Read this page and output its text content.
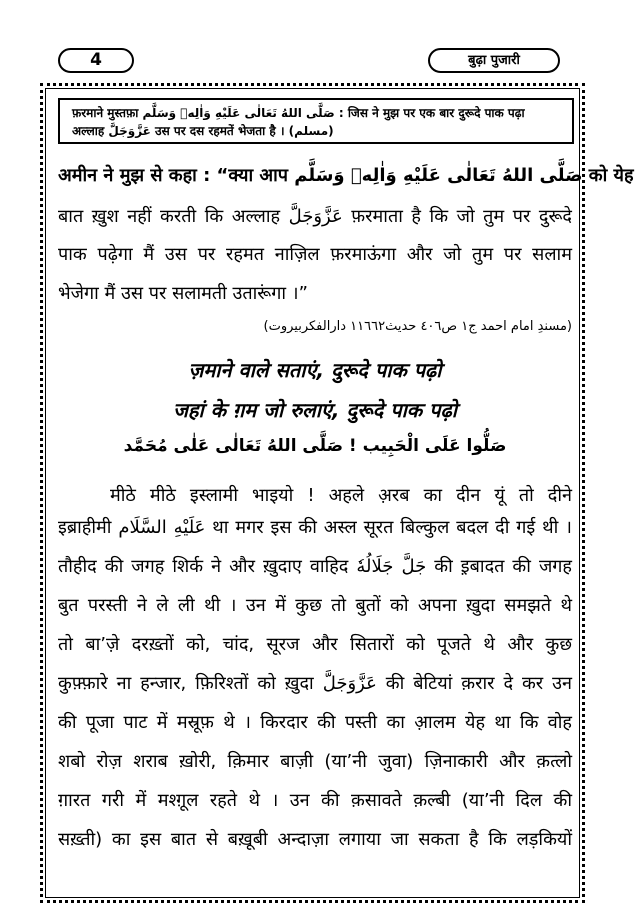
4	बुढ़ा पुजारी
फ़रमाने मुस्तफ़ा صَلَّى اللهُ تَعَالٰى عَلَيْهِ وَاٰلِهٖ وَسَلَّم : जिस ने मुझ पर एक बार दुरूदे पाक पढ़ा
अल्लाह عَزَّوَجَلَّ उस पर दस रहमतें भेजता है । (مسلم)
अमीन ने मुझ से कहा : “क्या आप صَلَّى اللهُ تَعَالٰى عَلَيْهِ وَاٰلِهٖ وَسَلَّم को येह
बात ख़ुश नहीं करती कि अल्लाह عَزَّوَجَلَّ फ़रमाता है कि जो तुम पर दुरूदे
पाक पढ़ेगा मैं उस पर रहमत नाज़िल फ़रमाऊंगा और जो तुम पर सलाम
भेजेगा मैं उस पर सलामती उतारूंगा ।”
(مسندِ امام احمد ج١ ص٤٠٦ حديث١١٦٦٢ دارالفكربيروت)
ज़माने वाले सताएं, दुरूदे पाक पढ़ो
जहां के ग़म जो रुलाएं, दुरूदे पाक पढ़ो
صَلُّوا عَلَى الْحَبِيب ! صَلَّى اللهُ تَعَالٰى عَلٰى مُحَمَّد
मीठे मीठे इस्लामी भाइयो ! अहले अ़रब का दीन यूं तो दीने
इब्राहीमी عَلَيْهِ السَّلَام था मगर इस की अस्ल सूरत बिल्कुल बदल दी गई थी ।
तौहीद की जगह शिर्क ने और ख़ुदाए वाहिद جَلَّ جَلَالُهٗ की इ़बादत की जगह
बुत परस्ती ने ले ली थी । उन में कुछ तो बुतों को अपना ख़ुदा समझते थे
तो बा’ज़े दरख़्तों को, चांद, सूरज और सितारों को पूजते थे और कुछ
कुफ़्फ़ारे ना हन्जार, फ़िरिश्तों को ख़ुदा عَزَّوَجَلَّ की बेटियां क़रार दे कर उन
की पूजा पाट में मस्रूफ़ थे । किरदार की पस्ती का आ़लम येह था कि वोह
शबो रोज़ शराब ख़ोरी, क़िमार बाज़ी (या’नी जुवा) ज़िनाकारी और क़त्लो
ग़ारत गरी में मश्ग़ूल रहते थे । उन की क़सावते क़ल्बी (या’नी दिल की
सख़्ती) का इस बात से बख़ूबी अन्दाज़ा लगाया जा सकता है कि लड़कियों
